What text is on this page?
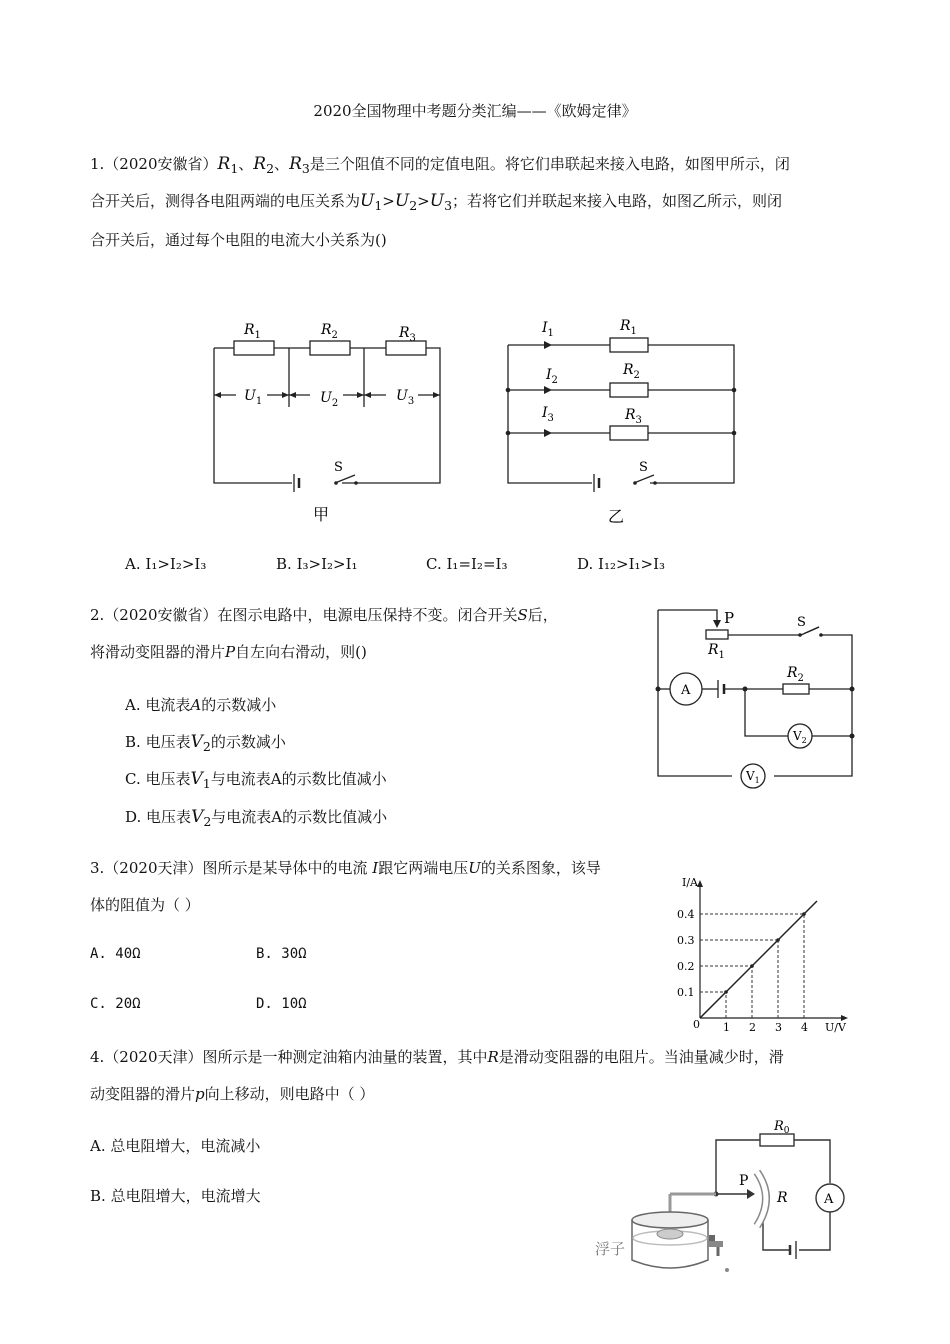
2020全国物理中考题分类汇编——《欧姆定律》
1.（2020安徽省）$R_1$、$R_2$、$R_3$是三个阻值不同的定值电阻。将它们串联起来接入电路，如图甲所示，闭
合开关后，测得各电阻两端的电压关系为$U_1>U_2>U_3$；若将它们并联起来接入电路，如图乙所示，则闭
合开关后，通过每个电阻的电流大小关系为()
$R_1$	$R_2$	$R_3$
$U_1$	$U_2$	$U_3$
S
甲
$I_1$
$I_2$
$I_3$
$R_1$
$R_2$
$R_3$
S
乙
A. I₁>I₂>I₃	B. I₃>I₂>I₁	C. I₁=I₂=I₃	D. I₁₂>I₁>I₃
2.（2020安徽省）在图示电路中，电源电压保持不变。闭合开关S后，
将滑动变阻器的滑片P自左向右滑动，则()
A. 电流表A的示数减小
B. 电压表$V_2$的示数减小
C. 电压表$V_1$与电流表A的示数比值减小
D. 电压表$V_2$与电流表A的示数比值减小
P	S
$R_1$
$R_2$
A
$V_2$
$V_1$
3.（2020天津）图所示是某导体中的电流 I跟它两端电压U的关系图象，该导
体的阻值为（ ）
A. 40Ω	B. 30Ω
C. 20Ω	D. 10Ω
1 2 3 4
0.1
0.2
0.3
0.4
I/A
U/V
0
4.（2020天津）图所示是一种测定油箱内油量的装置，其中R是滑动变阻器的电阻片。当油量减少时，滑
动变阻器的滑片p向上移动，则电路中（ ）
A. 总电阻增大，电流减小
B. 总电阻增大，电流增大
$R_0$
P
R	A
浮子
